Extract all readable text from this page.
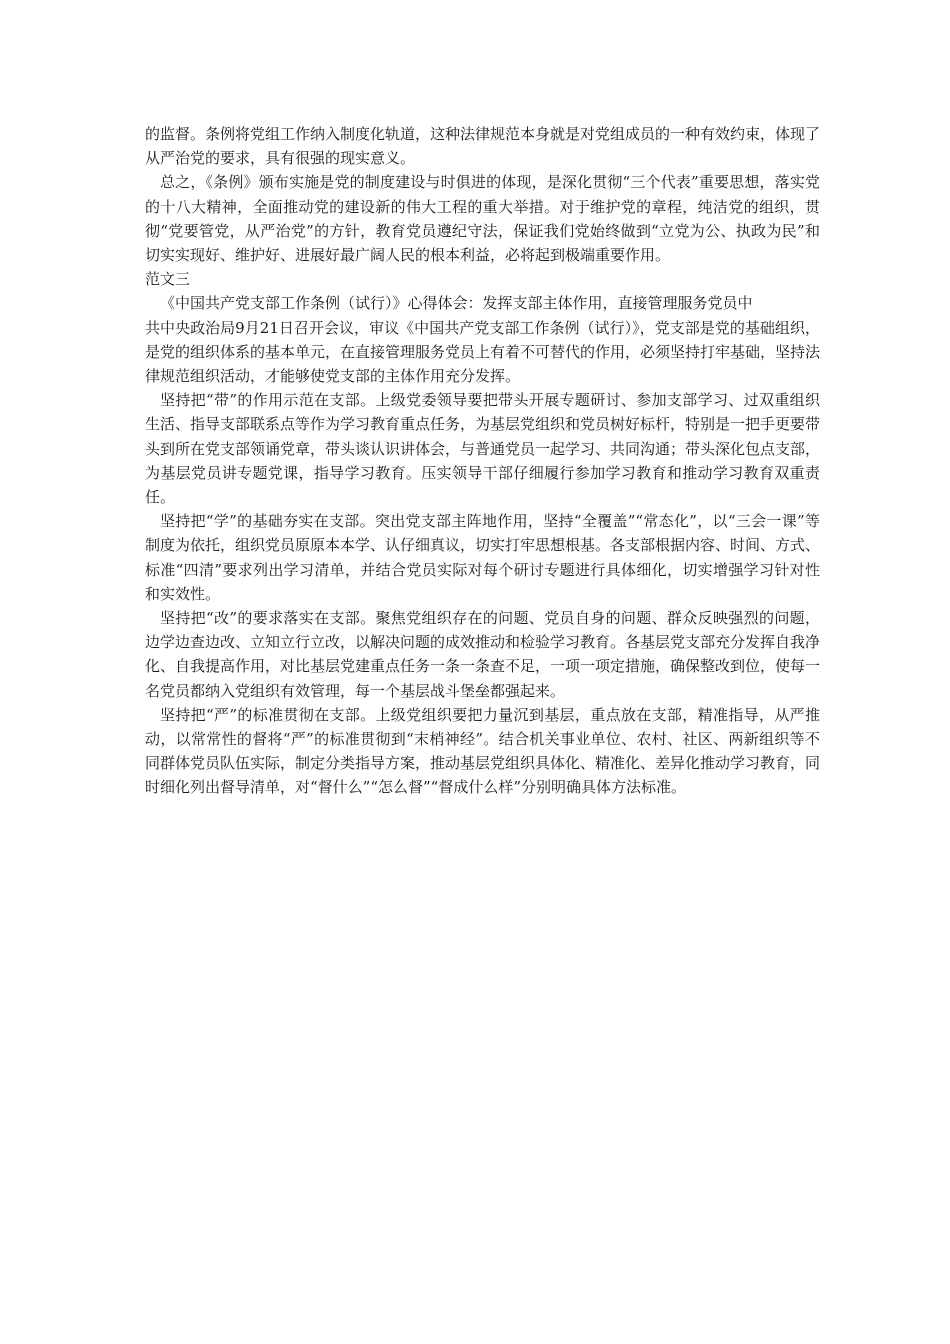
的监督。条例将党组工作纳入制度化轨道，这种法律规范本身就是对党组成员的一种有效约束，体现了从严治党的要求，具有很强的现实意义。

总之，《条例》颁布实施是党的制度建设与时俱进的体现，是深化贯彻“三个代表”重要思想，落实党的十八大精神，全面推动党的建设新的伟大工程的重大举措。对于维护党的章程，纯洁党的组织，贯彻“党要管党，从严治党”的方针，教育党员遵纪守法，保证我们党始终做到“立党为公、执政为民”和切实实现好、维护好、进展好最广阔人民的根本利益，必将起到极端重要作用。

范文三

《中国共产党支部工作条例（试行）》心得体会：发挥支部主体作用，直接管理服务党员中

共中央政治局9月21日召开会议，审议《中国共产党支部工作条例（试行）》，党支部是党的基础组织，是党的组织体系的基本单元，在直接管理服务党员上有着不可替代的作用，必须坚持打牢基础，坚持法律规范组织活动，才能够使党支部的主体作用充分发挥。

坚持把“带”的作用示范在支部。上级党委领导要把带头开展专题研讨、参加支部学习、过双重组织生活、指导支部联系点等作为学习教育重点任务，为基层党组织和党员树好标杆，特别是一把手更要带头到所在党支部领诵党章，带头谈认识讲体会，与普通党员一起学习、共同沟通；带头深化包点支部，为基层党员讲专题党课，指导学习教育。压实领导干部仔细履行参加学习教育和推动学习教育双重责任。

坚持把“学”的基础夯实在支部。突出党支部主阵地作用，坚持“全覆盖”“常态化”，以“三会一课”等制度为依托，组织党员原原本本学、认仔细真议，切实打牢思想根基。各支部根据内容、时间、方式、标准“四清”要求列出学习清单，并结合党员实际对每个研讨专题进行具体细化，切实增强学习针对性和实效性。

坚持把“改”的要求落实在支部。聚焦党组织存在的问题、党员自身的问题、群众反映强烈的问题，边学边查边改、立知立行立改，以解决问题的成效推动和检验学习教育。各基层党支部充分发挥自我净化、自我提高作用，对比基层党建重点任务一条一条查不足，一项一项定措施，确保整改到位，使每一名党员都纳入党组织有效管理，每一个基层战斗堡垒都强起来。

坚持把“严”的标准贯彻在支部。上级党组织要把力量沉到基层，重点放在支部，精准指导，从严推动，以常常性的督将“严”的标准贯彻到“末梢神经”。结合机关事业单位、农村、社区、两新组织等不同群体党员队伍实际，制定分类指导方案，推动基层党组织具体化、精准化、差异化推动学习教育，同时细化列出督导清单，对“督什么”“怎么督”“督成什么样”分别明确具体方法标准。
